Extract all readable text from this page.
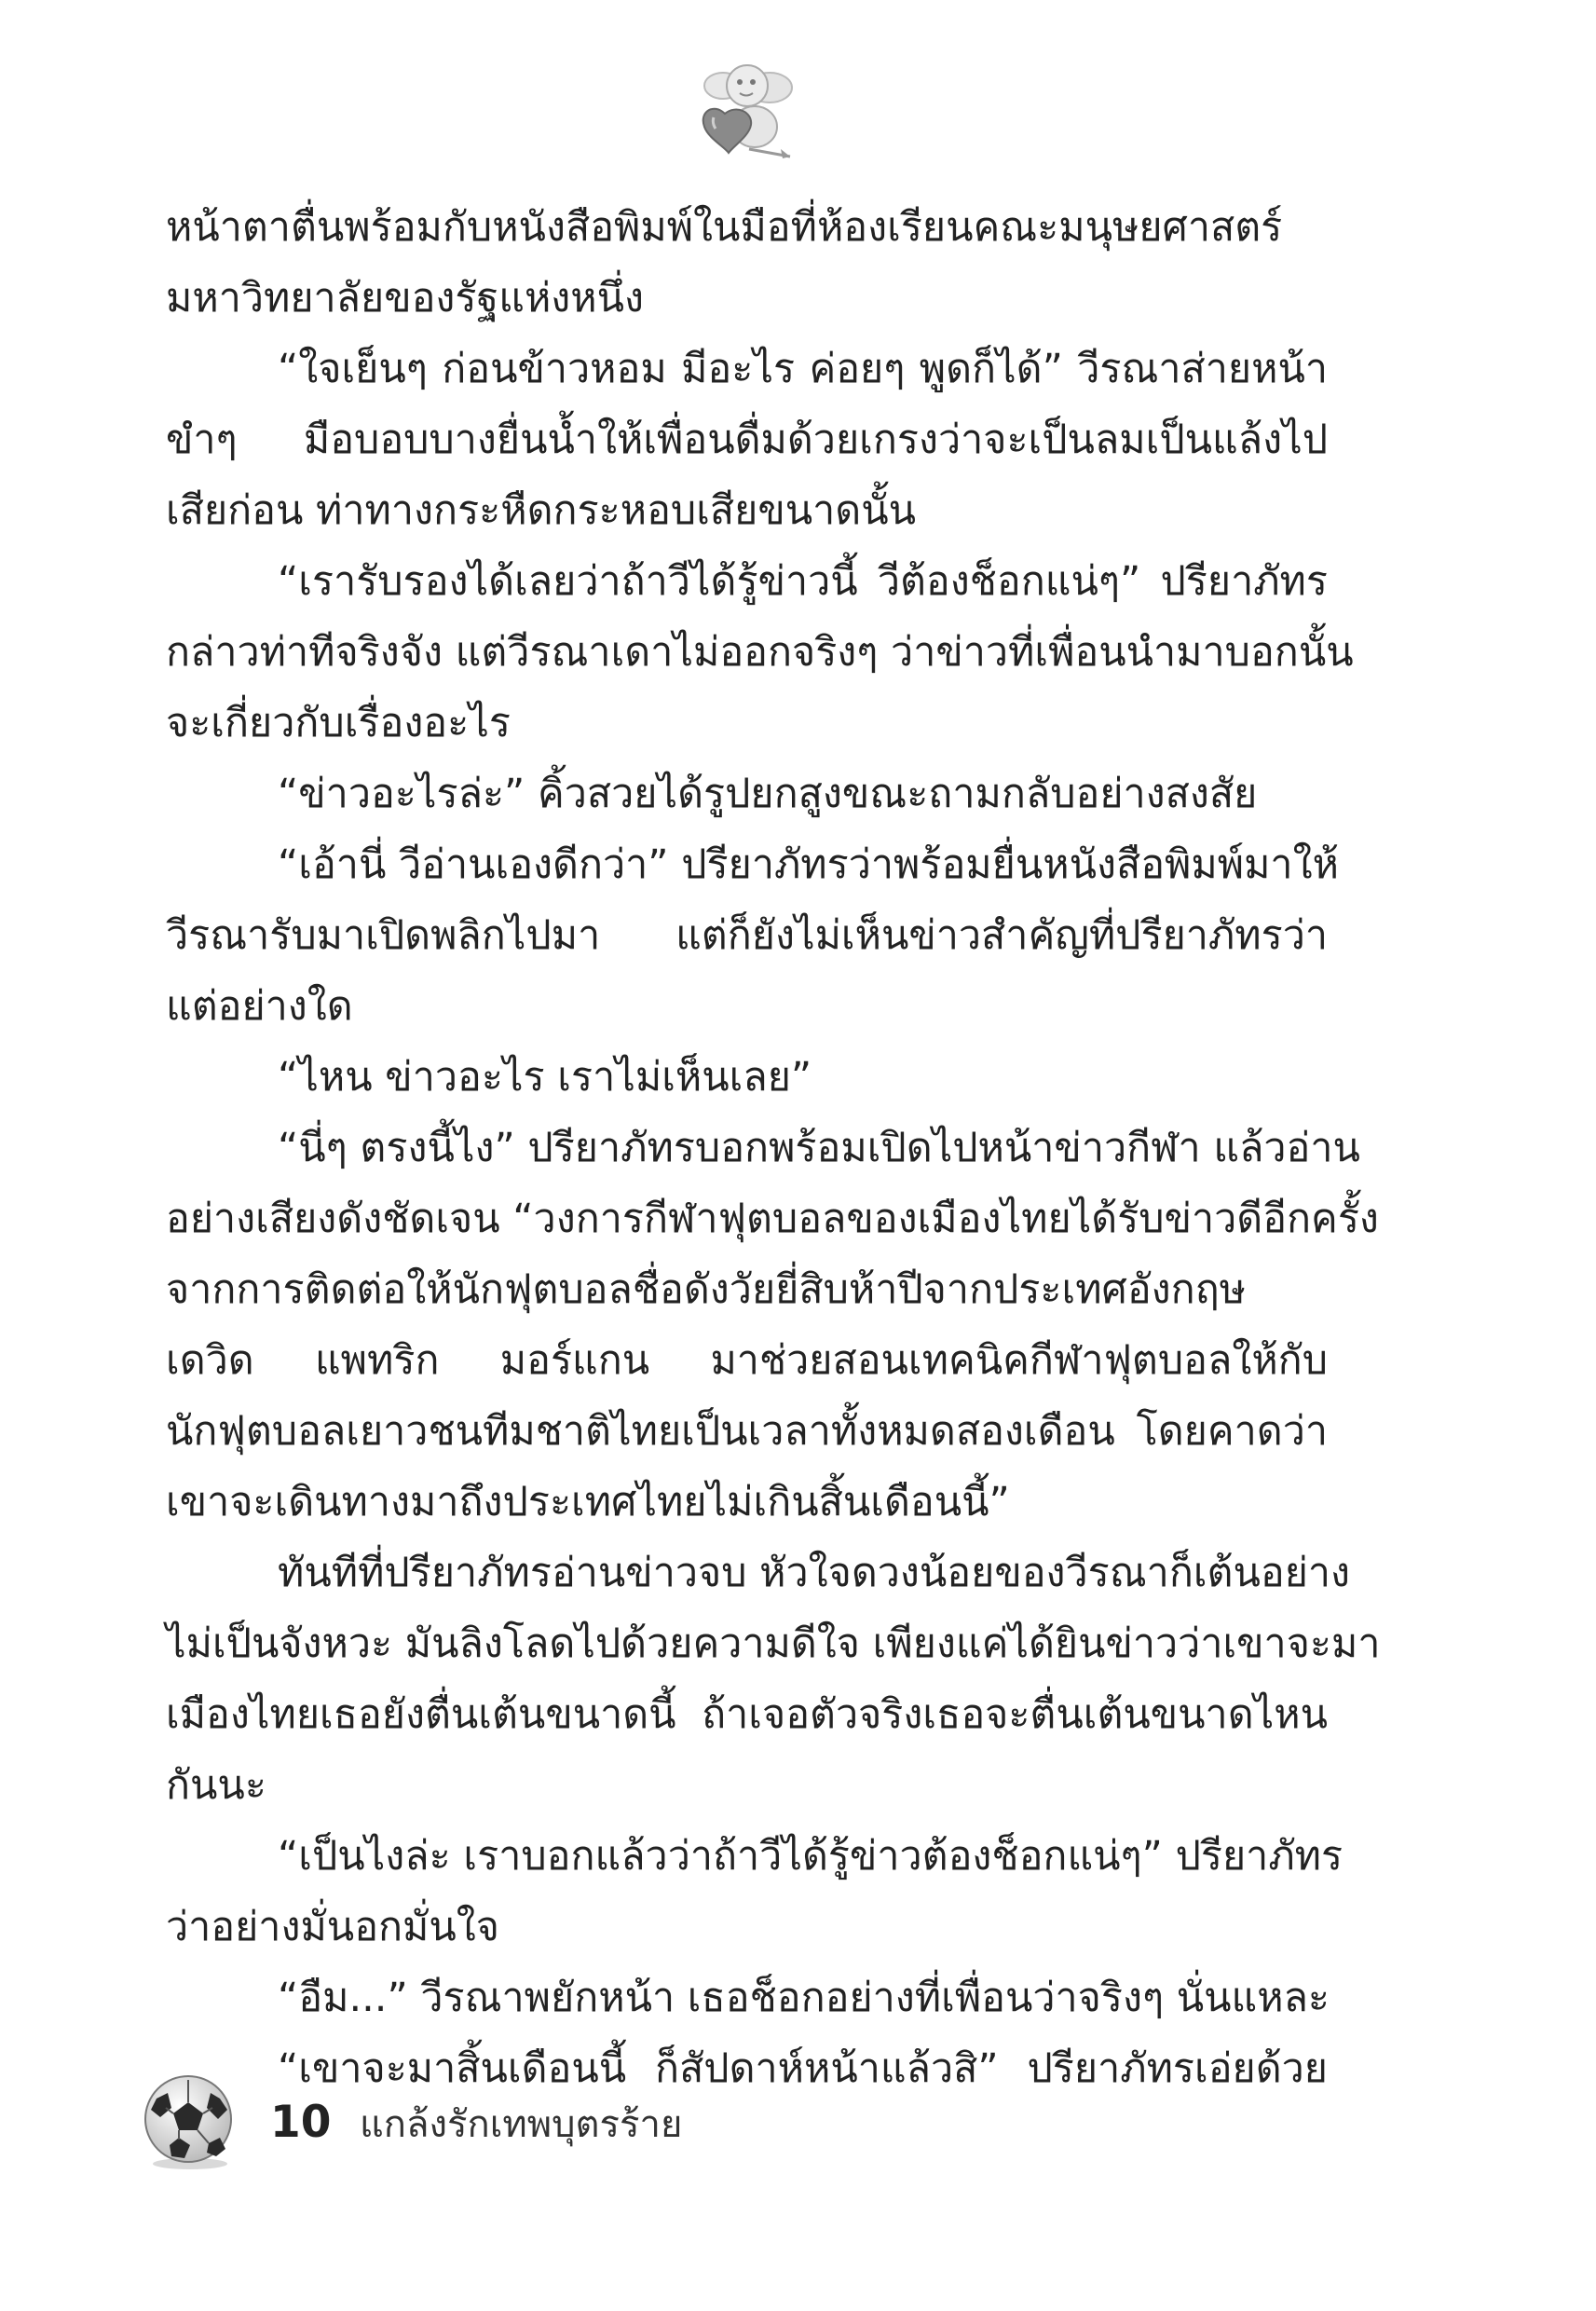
หน้าตาตื่นพร้อมกับหนังสือพิมพ์ในมือที่ห้องเรียนคณะมนุษยศาสตร์
มหาวิทยาลัยของรัฐแห่งหนึ่ง
“ใจเย็นๆ ก่อนข้าวหอม มีอะไร ค่อยๆ พูดก็ได้” วีรณาส่ายหน้า
ขำๆ มือบอบบางยื่นน้ำให้เพื่อนดื่มด้วยเกรงว่าจะเป็นลมเป็นแล้งไป
เสียก่อน ท่าทางกระหืดกระหอบเสียขนาดนั้น
“เรารับรองได้เลยว่าถ้าวีได้รู้ข่าวนี้ วีต้องช็อกแน่ๆ” ปรียาภัทร
กล่าวท่าทีจริงจัง แต่วีรณาเดาไม่ออกจริงๆ ว่าข่าวที่เพื่อนนำมาบอกนั้น
จะเกี่ยวกับเรื่องอะไร
“ข่าวอะไรล่ะ” คิ้วสวยได้รูปยกสูงขณะถามกลับอย่างสงสัย
“เอ้านี่ วีอ่านเองดีกว่า” ปรียาภัทรว่าพร้อมยื่นหนังสือพิมพ์มาให้
วีรณารับมาเปิดพลิกไปมา แต่ก็ยังไม่เห็นข่าวสำคัญที่ปรียาภัทรว่า
แต่อย่างใด
“ไหน ข่าวอะไร เราไม่เห็นเลย”
“นี่ๆ ตรงนี้ไง” ปรียาภัทรบอกพร้อมเปิดไปหน้าข่าวกีฬา แล้วอ่าน
อย่างเสียงดังชัดเจน “วงการกีฬาฟุตบอลของเมืองไทยได้รับข่าวดีอีกครั้ง
จากการติดต่อให้นักฟุตบอลชื่อดังวัยยี่สิบห้าปีจากประเทศอังกฤษ
เดวิด แพทริก มอร์แกน มาช่วยสอนเทคนิคกีฬาฟุตบอลให้กับ
นักฟุตบอลเยาวชนทีมชาติไทยเป็นเวลาทั้งหมดสองเดือน โดยคาดว่า
เขาจะเดินทางมาถึงประเทศไทยไม่เกินสิ้นเดือนนี้”
ทันทีที่ปรียาภัทรอ่านข่าวจบ หัวใจดวงน้อยของวีรณาก็เต้นอย่าง
ไม่เป็นจังหวะ มันลิงโลดไปด้วยความดีใจ เพียงแค่ได้ยินข่าวว่าเขาจะมา
เมืองไทยเธอยังตื่นเต้นขนาดนี้ ถ้าเจอตัวจริงเธอจะตื่นเต้นขนาดไหน
กันนะ
“เป็นไงล่ะ เราบอกแล้วว่าถ้าวีได้รู้ข่าวต้องช็อกแน่ๆ” ปรียาภัทร
ว่าอย่างมั่นอกมั่นใจ
“อืม...” วีรณาพยักหน้า เธอช็อกอย่างที่เพื่อนว่าจริงๆ นั่นแหละ
“เขาจะมาสิ้นเดือนนี้ ก็สัปดาห์หน้าแล้วสิ” ปรียาภัทรเอ่ยด้วย
10 แกล้งรักเทพบุตรร้าย
